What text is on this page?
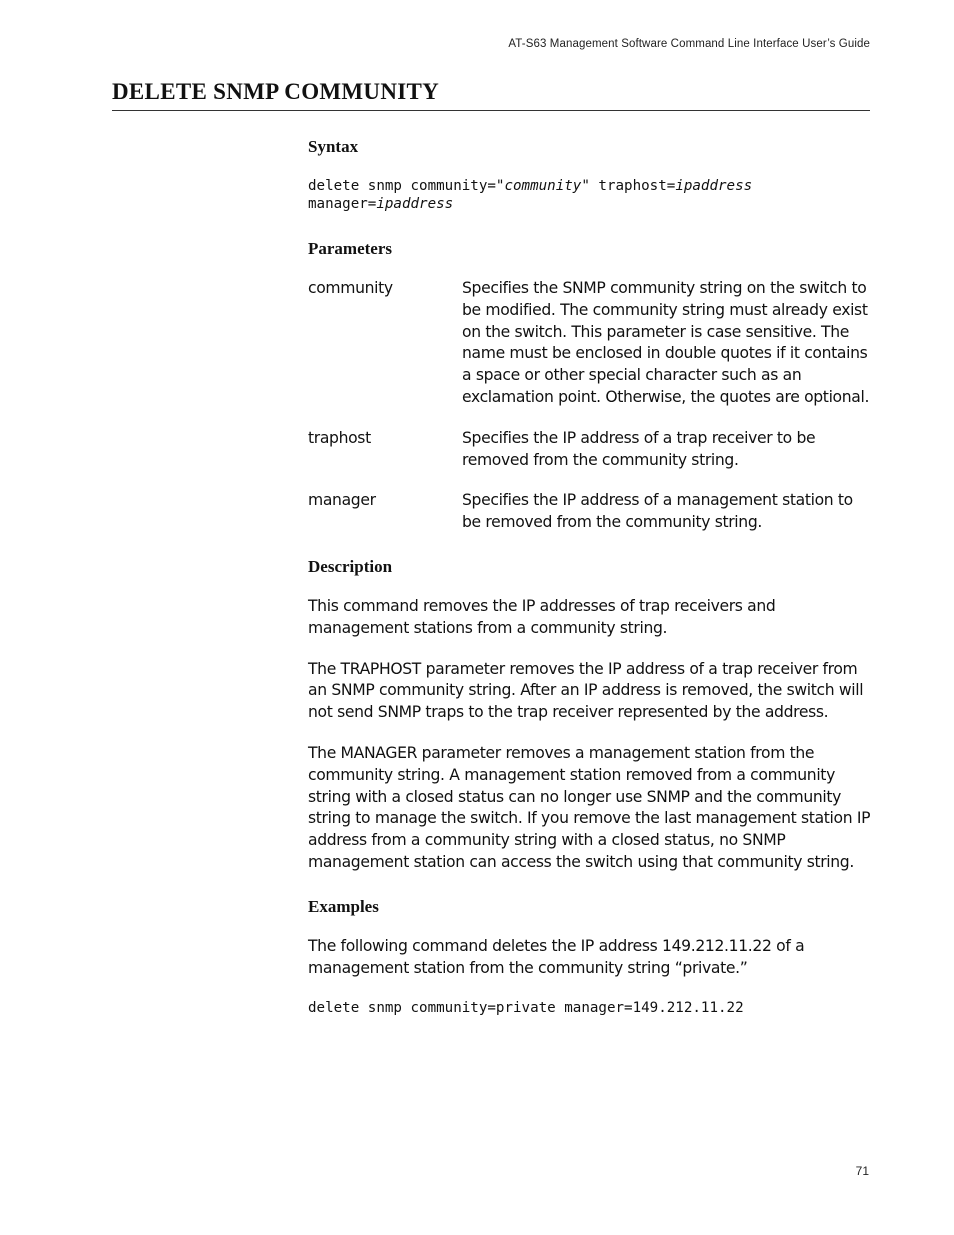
AT-S63 Management Software Command Line Interface User’s Guide
DELETE SNMP COMMUNITY
Syntax
delete snmp community="community" traphost=ipaddress
manager=ipaddress
Parameters
community	Specifies the SNMP community string on the switch to be modified. The community string must already exist on the switch. This parameter is case sensitive. The name must be enclosed in double quotes if it contains a space or other special character such as an exclamation point. Otherwise, the quotes are optional.
traphost	Specifies the IP address of a trap receiver to be removed from the community string.
manager	Specifies the IP address of a management station to be removed from the community string.
Description

This command removes the IP addresses of trap receivers and management stations from a community string.

The TRAPHOST parameter removes the IP address of a trap receiver from an SNMP community string. After an IP address is removed, the switch will not send SNMP traps to the trap receiver represented by the address.

The MANAGER parameter removes a management station from the community string. A management station removed from a community string with a closed status can no longer use SNMP and the community string to manage the switch. If you remove the last management station IP address from a community string with a closed status, no SNMP management station can access the switch using that community string.

Examples

The following command deletes the IP address 149.212.11.22 of a management station from the community string “private.”

delete snmp community=private manager=149.212.11.22
71
